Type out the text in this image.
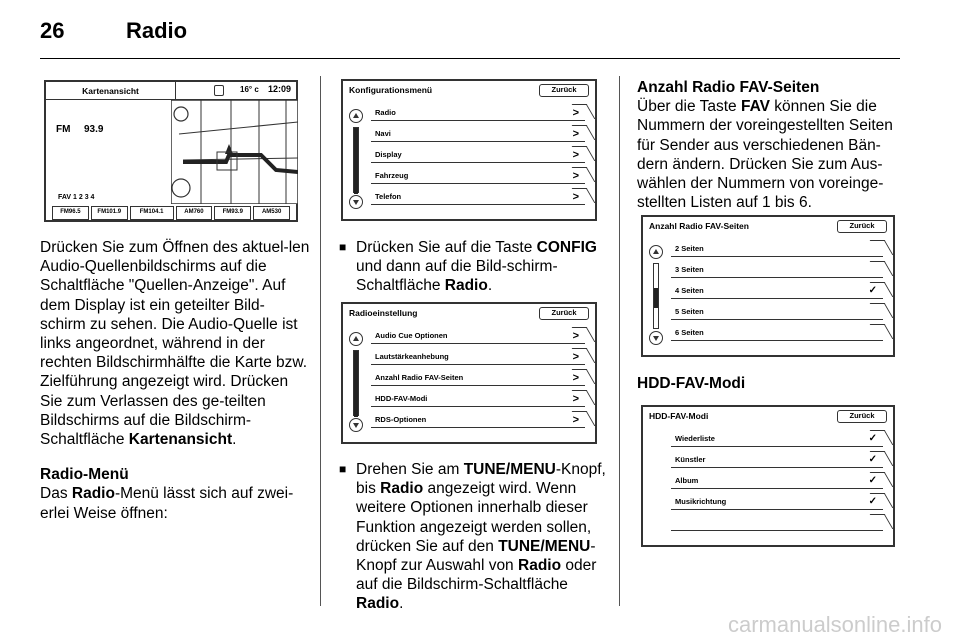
26	Radio
Kartenansicht	16° c 12:09
FM 93.9
FAV 1 2 3 4
FM96.5	FM101.9	FM104.1	AM760	FM93.9	AM530

Drücken Sie zum Öffnen des aktuel-len Audio-Quellenbildschirms auf die Schaltfläche "Quellen-Anzeige". Auf dem Display ist ein geteilter Bild-schirm zu sehen. Die Audio-Quelle ist links angeordnet, während in der rechten Bildschirmhälfte die Karte bzw. Zielführung angezeigt wird. Drücken Sie zum Verlassen des ge-teilten Bildschirms auf die Bildschirm-Schaltfläche Kartenansicht.

Radio-Menü

Das Radio-Menü lässt sich auf zwei-erlei Weise öffnen:

Konfigurationsmenü	Zurück
Radio	>
Navi	>
Display	>
Fahrzeug	>
Telefon	>
■ Drücken Sie auf die Taste CONFIG und dann auf die Bild-schirm-Schaltfläche Radio.
Radioeinstellung	Zurück
Audio Cue Optionen	>
Lautstärkeanhebung	>
Anzahl Radio FAV-Seiten	>
HDD-FAV-Modi	>
RDS-Optionen	>
■ Drehen Sie am TUNE/MENU-Knopf, bis Radio angezeigt wird. Wenn weitere Optionen innerhalb dieser Funktion angezeigt werden sollen, drücken Sie auf den TUNE/MENU-Knopf zur Auswahl von Radio oder auf die Bildschirm-Schaltfläche Radio.
Anzahl Radio FAV-Seiten

Über die Taste FAV können Sie die Nummern der voreingestellten Seiten für Sender aus verschiedenen Bän-dern ändern. Drücken Sie zum Aus-wählen der Nummern von voreinge-stellten Listen auf 1 bis 6.

Anzahl Radio FAV-Seiten	Zurück
2 Seiten
3 Seiten
4 Seiten	✓
5 Seiten
6 Seiten
HDD-FAV-Modi
HDD-FAV-Modi	Zurück
Wiederliste	✓
Künstler	✓
Album	✓
Musikrichtung	✓
carmanualsonline.info
